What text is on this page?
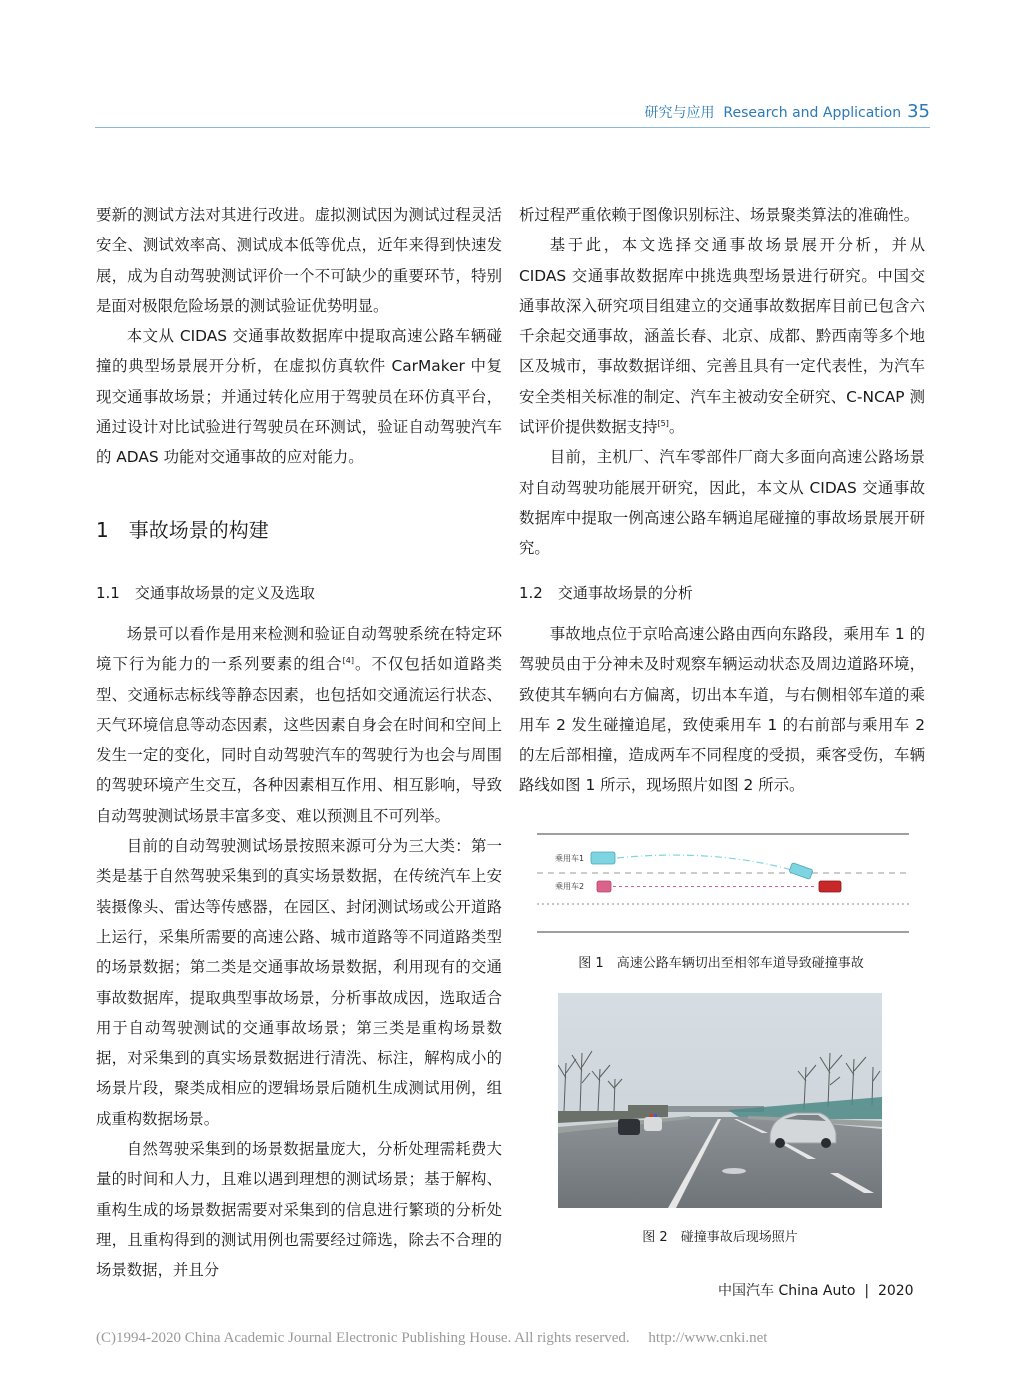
研究与应用 Research and Application 35

要新的测试方法对其进行改进。虚拟测试因为测试过程灵活安全、测试效率高、测试成本低等优点，近年来得到快速发展，成为自动驾驶测试评价一个不可缺少的重要环节，特别是面对极限危险场景的测试验证优势明显。

本文从 CIDAS 交通事故数据库中提取高速公路车辆碰撞的典型场景展开分析，在虚拟仿真软件 CarMaker 中复现交通事故场景；并通过转化应用于驾驶员在环仿真平台，通过设计对比试验进行驾驶员在环测试，验证自动驾驶汽车的 ADAS 功能对交通事故的应对能力。

1　事故场景的构建
1.1　交通事故场景的定义及选取

场景可以看作是用来检测和验证自动驾驶系统在特定环境下行为能力的一系列要素的组合[4]。不仅包括如道路类型、交通标志标线等静态因素，也包括如交通流运行状态、天气环境信息等动态因素，这些因素自身会在时间和空间上发生一定的变化，同时自动驾驶汽车的驾驶行为也会与周围的驾驶环境产生交互，各种因素相互作用、相互影响，导致自动驾驶测试场景丰富多变、难以预测且不可列举。

目前的自动驾驶测试场景按照来源可分为三大类：第一类是基于自然驾驶采集到的真实场景数据，在传统汽车上安装摄像头、雷达等传感器，在园区、封闭测试场或公开道路上运行，采集所需要的高速公路、城市道路等不同道路类型的场景数据；第二类是交通事故场景数据，利用现有的交通事故数据库，提取典型事故场景，分析事故成因，选取适合用于自动驾驶测试的交通事故场景；第三类是重构场景数据，对采集到的真实场景数据进行清洗、标注，解构成小的场景片段，聚类成相应的逻辑场景后随机生成测试用例，组成重构数据场景。

自然驾驶采集到的场景数据量庞大，分析处理需耗费大量的时间和人力，且难以遇到理想的测试场景；基于解构、重构生成的场景数据需要对采集到的信息进行繁琐的分析处理，且重构得到的测试用例也需要经过筛选，除去不合理的场景数据，并且分

析过程严重依赖于图像识别标注、场景聚类算法的准确性。

基于此，本文选择交通事故场景展开分析，并从 CIDAS 交通事故数据库中挑选典型场景进行研究。中国交通事故深入研究项目组建立的交通事故数据库目前已包含六千余起交通事故，涵盖长春、北京、成都、黔西南等多个地区及城市，事故数据详细、完善且具有一定代表性，为汽车安全类相关标准的制定、汽车主被动安全研究、C-NCAP 测试评价提供数据支持[5]。

目前，主机厂、汽车零部件厂商大多面向高速公路场景对自动驾驶功能展开研究，因此，本文从 CIDAS 交通事故数据库中提取一例高速公路车辆追尾碰撞的事故场景展开研究。

1.2　交通事故场景的分析

事故地点位于京哈高速公路由西向东路段，乘用车 1 的驾驶员由于分神未及时观察车辆运动状态及周边道路环境，致使其车辆向右方偏离，切出本车道，与右侧相邻车道的乘用车 2 发生碰撞追尾，致使乘用车 1 的右前部与乘用车 2 的左后部相撞，造成两车不同程度的受损，乘客受伤，车辆路线如图 1 所示，现场照片如图 2 所示。

乘用车1
乘用车2
图 1　高速公路车辆切出至相邻车道导致碰撞事故
图 2　碰撞事故后现场照片
中国汽车 China Auto | 2020
(C)1994-2020 China Academic Journal Electronic Publishing House. All rights reserved.　 http://www.cnki.net
